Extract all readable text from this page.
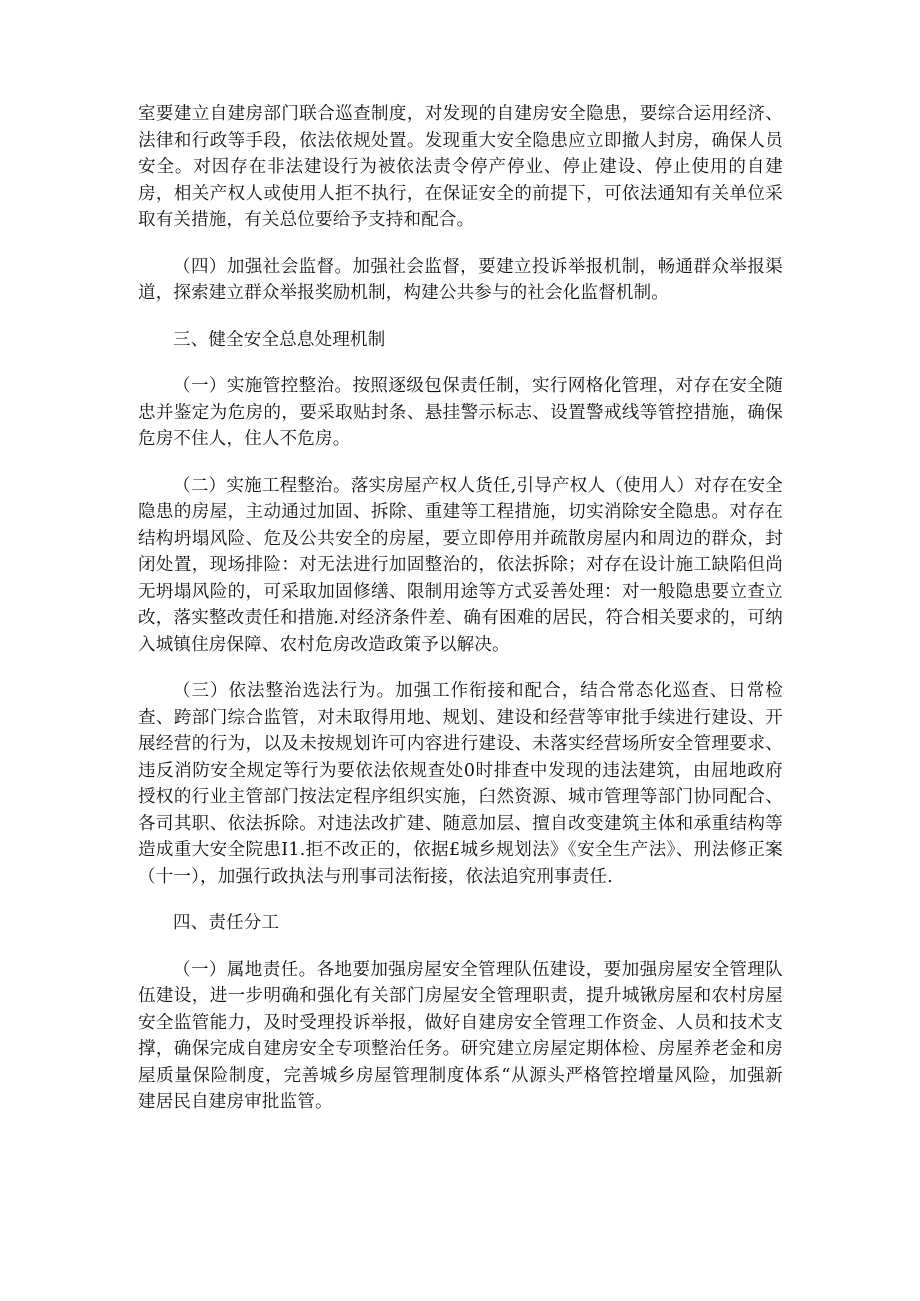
室要建立自建房部门联合巡查制度，对发现的自建房安全隐患，要综合运用经济、法律和行政等手段，依法依规处置。发现重大安全隐患应立即撤人封房，确保人员安全。对因存在非法建设行为被依法责令停产停业、停止建设、停止使用的自建房，相关产权人或使用人拒不执行，在保证安全的前提下，可依法通知有关单位采取有关措施，有关总位要给予支持和配合。

（四）加强社会监督。加强社会监督，要建立投诉举报机制，畅通群众举报渠道，探索建立群众举报奖励机制，构建公共参与的社会化监督机制。

三、健全安全总息处理机制

（一）实施管控整治。按照逐级包保责任制，实行网格化管理，对存在安全随忠并鉴定为危房的，要采取贴封条、悬挂警示标志、设置警戒线等管控措施，确保危房不住人，住人不危房。

（二）实施工程整治。落实房屋产权人货任,引导产权人（使用人）对存在安全隐患的房屋，主动通过加固、拆除、重建等工程措施，切实消除安全隐患。对存在结构坍塌风险、危及公共安全的房屋，要立即停用并疏散房屋内和周边的群众，封闭处置，现场排险：对无法进行加固整治的，依法拆除；对存在设计施工缺陷但尚无坍塌风险的，可采取加固修缮、限制用途等方式妥善处理：对一般隐患要立查立改，落实整改责任和措施.对经济条件差、确有困难的居民，符合相关要求的，可纳入城镇住房保障、农村危房改造政策予以解决。

（三）依法整治选法行为。加强工作衔接和配合，结合常态化巡查、日常检查、跨部门综合监管，对未取得用地、规划、建设和经营等审批手续进行建设、开展经营的行为，以及未按规划许可内容进行建设、未落实经营场所安全管理要求、违反消防安全规定等行为要依法依规查处0时排查中发现的违法建筑，由屈地政府授权的行业主管部门按法定程序组织实施，臼然资源、城市管理等部门协同配合、各司其职、依法拆除。对违法改扩建、随意加层、擅自改变建筑主体和承重结构等造成重大安全院患I1.拒不改正的，依据£城乡规划法》《安全生产法》、刑法修正案（十一），加强行政执法与刑事司法衔接，依法追究刑事责任.

四、责任分工

（一）属地责任。各地要加强房屋安全管理队伍建设，要加强房屋安全管理队伍建设，进一步明确和强化有关部门房屋安全管理职责，提升城锹房屋和农村房屋安全监管能力，及时受理投诉举报，做好自建房安全管理工作资金、人员和技术支撑，确保完成自建房安全专项整治任务。研究建立房屋定期体检、房屋养老金和房屋质量保险制度，完善城乡房屋管理制度体系“从源头严格管控增量风险，加强新建居民自建房审批监管。
